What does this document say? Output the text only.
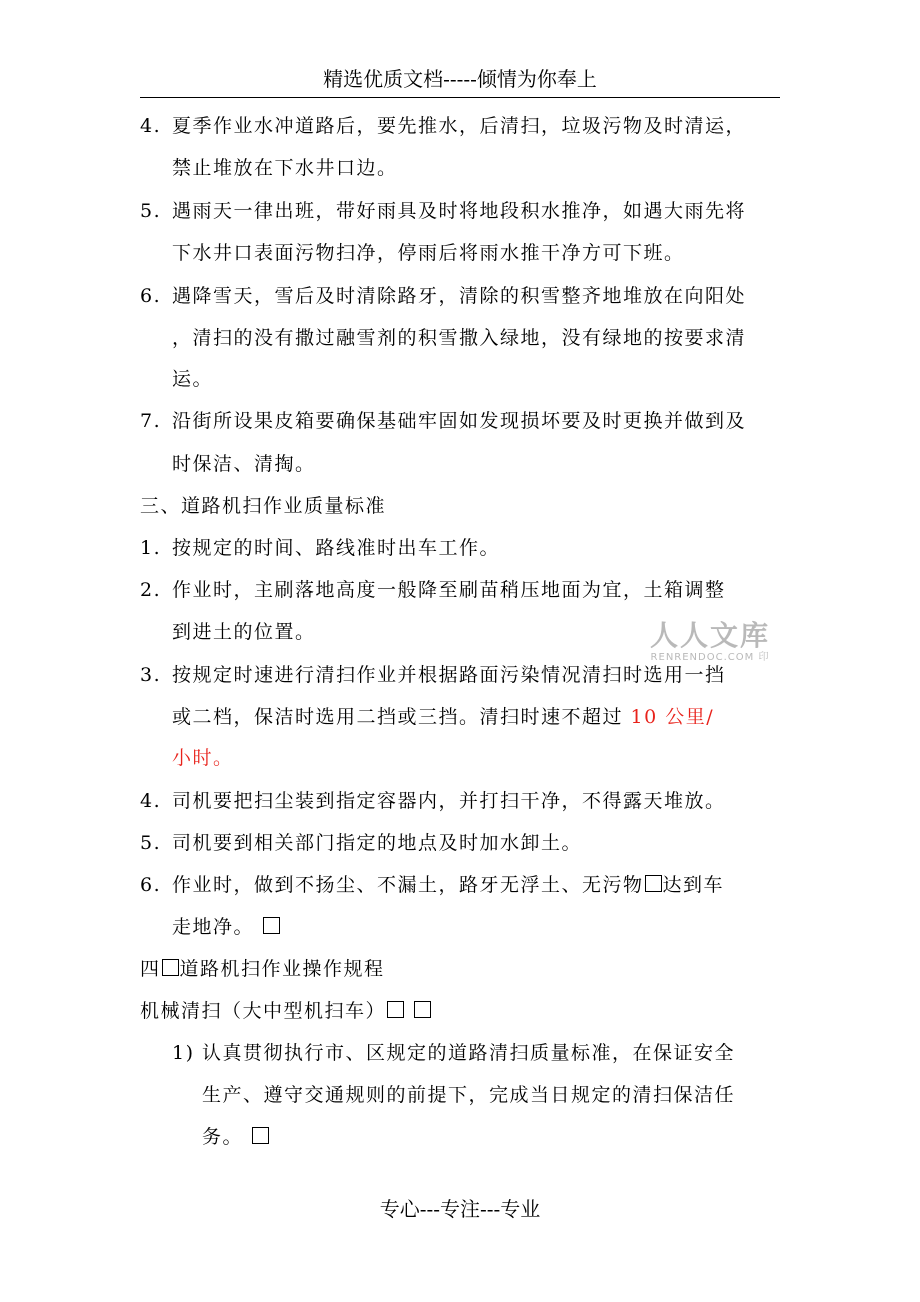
精选优质文档-----倾情为你奉上
4. 夏季作业水冲道路后，要先推水，后清扫，垃圾污物及时清运，
禁止堆放在下水井口边。
5. 遇雨天一律出班，带好雨具及时将地段积水推净，如遇大雨先将
下水井口表面污物扫净，停雨后将雨水推干净方可下班。
6. 遇降雪天，雪后及时清除路牙，清除的积雪整齐地堆放在向阳处
，清扫的没有撒过融雪剂的积雪撒入绿地，没有绿地的按要求清
运。
7. 沿街所设果皮箱要确保基础牢固如发现损坏要及时更换并做到及
时保洁、清掏。
三、道路机扫作业质量标准
1. 按规定的时间、路线准时出车工作。
2. 作业时，主刷落地高度一般降至刷苗稍压地面为宜，土箱调整
到进土的位置。
3. 按规定时速进行清扫作业并根据路面污染情况清扫时选用一挡
或二档，保洁时选用二挡或三挡。清扫时速不超过 10 公里/
小时。
4. 司机要把扫尘装到指定容器内，并打扫干净，不得露天堆放。
5. 司机要到相关部门指定的地点及时加水卸土。
6. 作业时，做到不扬尘、不漏土，路牙无浮土、无污物 达到车
走地净。
四 道路机扫作业操作规程
机械清扫（大中型机扫车）
1) 认真贯彻执行市、区规定的道路清扫质量标准，在保证安全
生产、遵守交通规则的前提下，完成当日规定的清扫保洁任
务。
人人文库
RENRENDOC.COM 印
专心---专注---专业
